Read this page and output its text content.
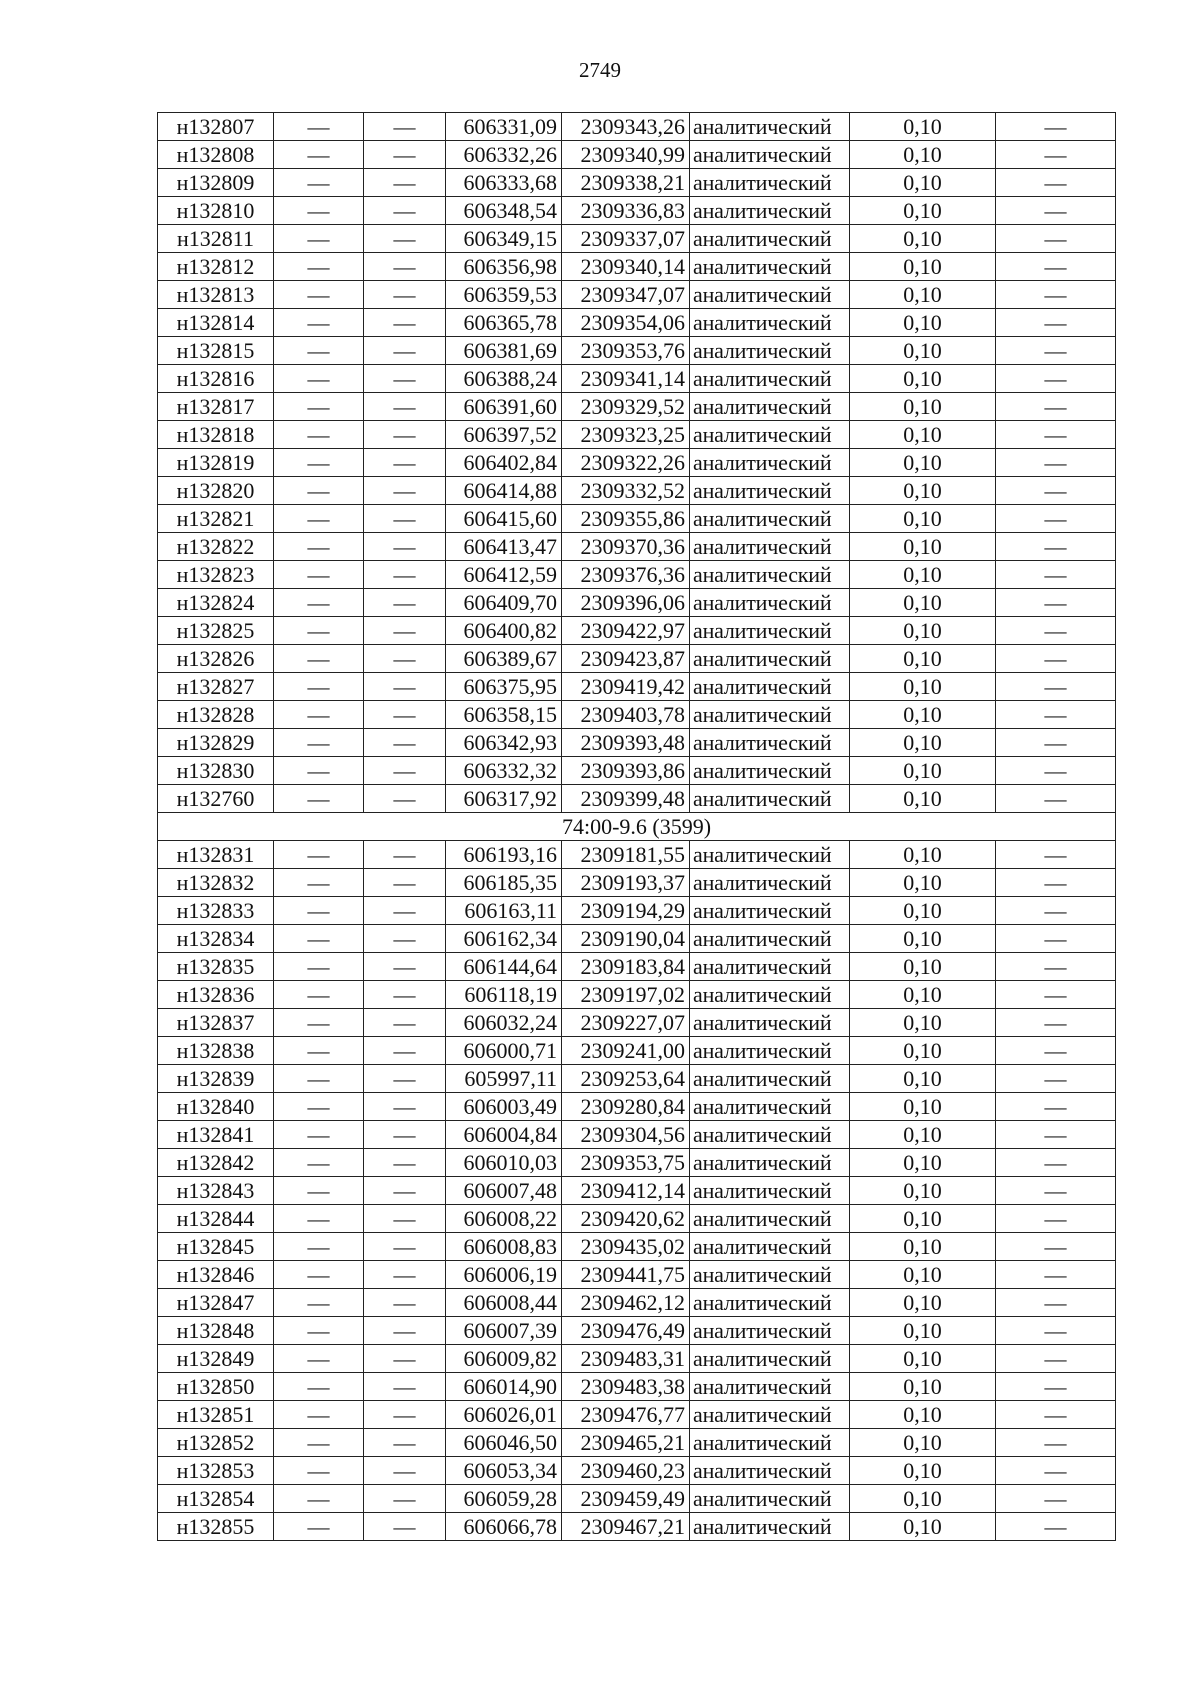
2749
н132807	—	—	606331,09	2309343,26	аналитический	0,10	—
н132808	—	—	606332,26	2309340,99	аналитический	0,10	—
н132809	—	—	606333,68	2309338,21	аналитический	0,10	—
н132810	—	—	606348,54	2309336,83	аналитический	0,10	—
н132811	—	—	606349,15	2309337,07	аналитический	0,10	—
н132812	—	—	606356,98	2309340,14	аналитический	0,10	—
н132813	—	—	606359,53	2309347,07	аналитический	0,10	—
н132814	—	—	606365,78	2309354,06	аналитический	0,10	—
н132815	—	—	606381,69	2309353,76	аналитический	0,10	—
н132816	—	—	606388,24	2309341,14	аналитический	0,10	—
н132817	—	—	606391,60	2309329,52	аналитический	0,10	—
н132818	—	—	606397,52	2309323,25	аналитический	0,10	—
н132819	—	—	606402,84	2309322,26	аналитический	0,10	—
н132820	—	—	606414,88	2309332,52	аналитический	0,10	—
н132821	—	—	606415,60	2309355,86	аналитический	0,10	—
н132822	—	—	606413,47	2309370,36	аналитический	0,10	—
н132823	—	—	606412,59	2309376,36	аналитический	0,10	—
н132824	—	—	606409,70	2309396,06	аналитический	0,10	—
н132825	—	—	606400,82	2309422,97	аналитический	0,10	—
н132826	—	—	606389,67	2309423,87	аналитический	0,10	—
н132827	—	—	606375,95	2309419,42	аналитический	0,10	—
н132828	—	—	606358,15	2309403,78	аналитический	0,10	—
н132829	—	—	606342,93	2309393,48	аналитический	0,10	—
н132830	—	—	606332,32	2309393,86	аналитический	0,10	—
н132760	—	—	606317,92	2309399,48	аналитический	0,10	—
74:00-9.6 (3599)							
н132831	—	—	606193,16	2309181,55	аналитический	0,10	—
н132832	—	—	606185,35	2309193,37	аналитический	0,10	—
н132833	—	—	606163,11	2309194,29	аналитический	0,10	—
н132834	—	—	606162,34	2309190,04	аналитический	0,10	—
н132835	—	—	606144,64	2309183,84	аналитический	0,10	—
н132836	—	—	606118,19	2309197,02	аналитический	0,10	—
н132837	—	—	606032,24	2309227,07	аналитический	0,10	—
н132838	—	—	606000,71	2309241,00	аналитический	0,10	—
н132839	—	—	605997,11	2309253,64	аналитический	0,10	—
н132840	—	—	606003,49	2309280,84	аналитический	0,10	—
н132841	—	—	606004,84	2309304,56	аналитический	0,10	—
н132842	—	—	606010,03	2309353,75	аналитический	0,10	—
н132843	—	—	606007,48	2309412,14	аналитический	0,10	—
н132844	—	—	606008,22	2309420,62	аналитический	0,10	—
н132845	—	—	606008,83	2309435,02	аналитический	0,10	—
н132846	—	—	606006,19	2309441,75	аналитический	0,10	—
н132847	—	—	606008,44	2309462,12	аналитический	0,10	—
н132848	—	—	606007,39	2309476,49	аналитический	0,10	—
н132849	—	—	606009,82	2309483,31	аналитический	0,10	—
н132850	—	—	606014,90	2309483,38	аналитический	0,10	—
н132851	—	—	606026,01	2309476,77	аналитический	0,10	—
н132852	—	—	606046,50	2309465,21	аналитический	0,10	—
н132853	—	—	606053,34	2309460,23	аналитический	0,10	—
н132854	—	—	606059,28	2309459,49	аналитический	0,10	—
н132855	—	—	606066,78	2309467,21	аналитический	0,10	—
